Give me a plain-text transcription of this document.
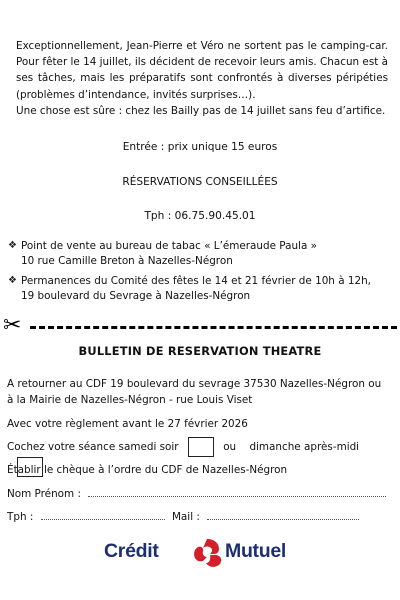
Exceptionnellement, Jean-Pierre et Véro ne sortent pas le camping-car. Pour fêter le 14 juillet, ils décident de recevoir leurs amis. Chacun est à ses tâches, mais les préparatifs sont confrontés à diverses péripéties (problèmes d’intendance, invités surprises…).

Une chose est sûre : chez les Bailly pas de 14 juillet sans feu d’artifice.

Entrée : prix unique 15 euros
RÉSERVATIONS CONSEILLÉES
Tph : 06.75.90.45.01
❖ Point de vente au bureau de tabac « L’émeraude Paula »
10 rue Camille Breton à Nazelles-Négron
❖ Permanences du Comité des fêtes le 14 et 21 février de 10h à 12h,
19 boulevard du Sevrage à Nazelles-Négron
✂
BULLETIN DE RESERVATION THEATRE
A retourner au CDF 19 boulevard du sevrage 37530 Nazelles-Négron ou
à la Mairie de Nazelles-Négron - rue Louis Viset
Avec votre règlement avant le 27 février 2026
Cochez votre séance samedi soir	ou dimanche après-midi
Établir le chèque à l’ordre du CDF de Nazelles-Négron
Nom Prénom :
Tph :	Mail :
Crédit	Mutuel
